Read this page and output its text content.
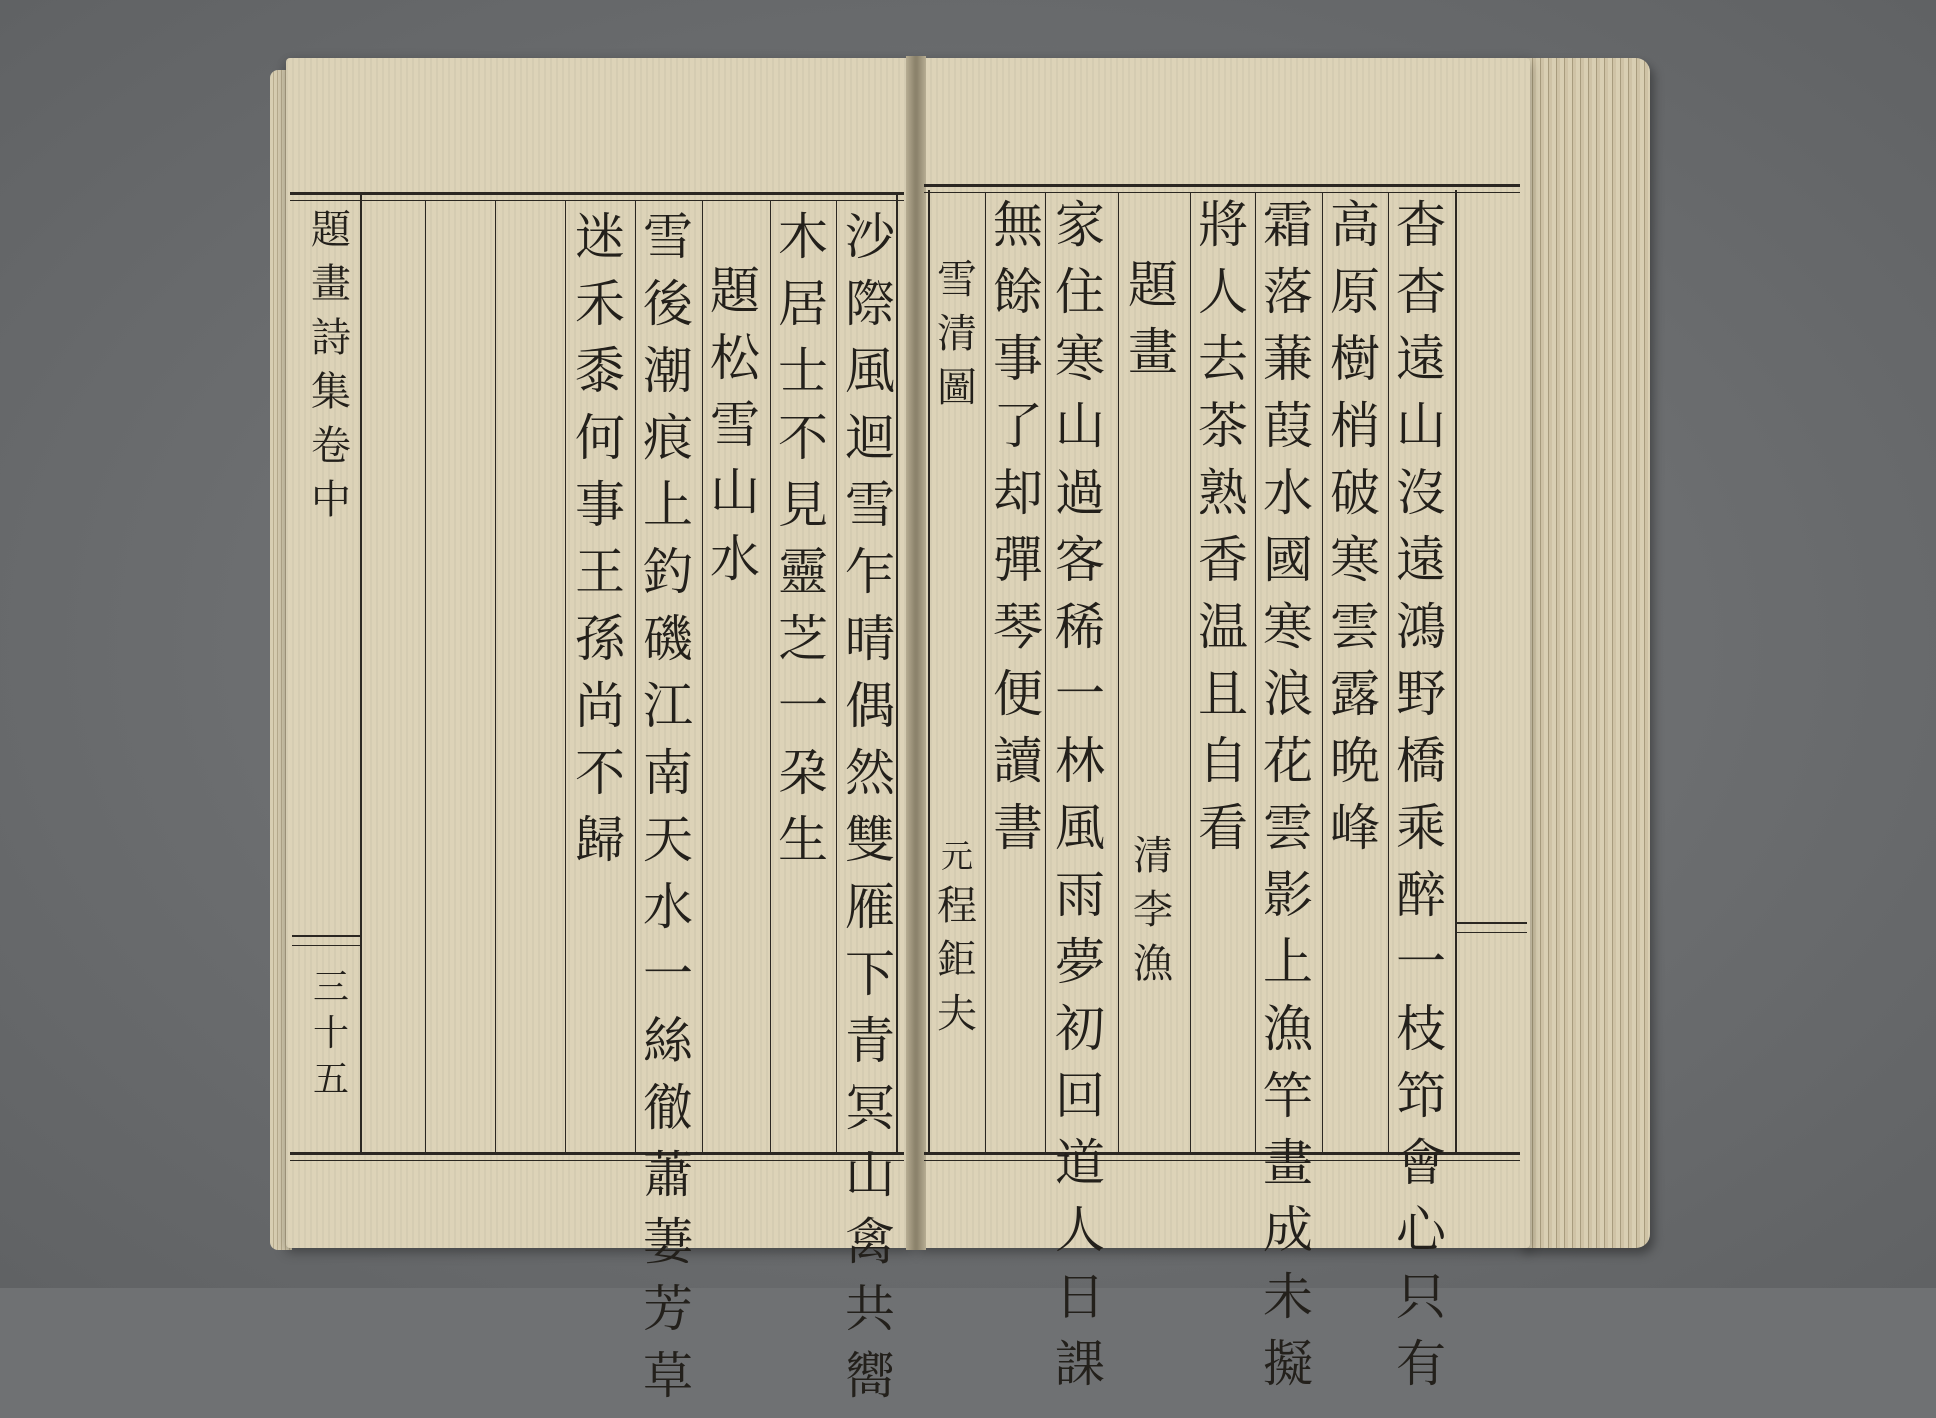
題
畫
詩
集
卷
中
三
十
五
沙
際
風
迴
雪
乍
晴
偶
然
雙
雁
下
青
冥
山
禽
共
嚮
木
居
士
不
見
靈
芝
一
朶
生
題
松
雪
山
水
雪
後
潮
痕
上
釣
磯
江
南
天
水
一
絲
徹
蕭
萋
芳
草
迷
禾
黍
何
事
王
孫
尚
不
歸
杳
杳
遠
山
沒
遠
鴻
野
橋
乘
醉
一
枝
笻
會
心
只
有
高
原
樹
梢
破
寒
雲
露
晩
峰
霜
落
蒹
葭
水
國
寒
浪
花
雲
影
上
漁
竿
畫
成
未
擬
將
人
去
茶
熟
香
温
且
自
看
題
畫
清
李
漁
家
住
寒
山
過
客
稀
一
林
風
雨
夢
初
回
道
人
日
課
無
餘
事
了
却
彈
琴
便
讀
書
雪
清
圖
元
程
鉅
夫
